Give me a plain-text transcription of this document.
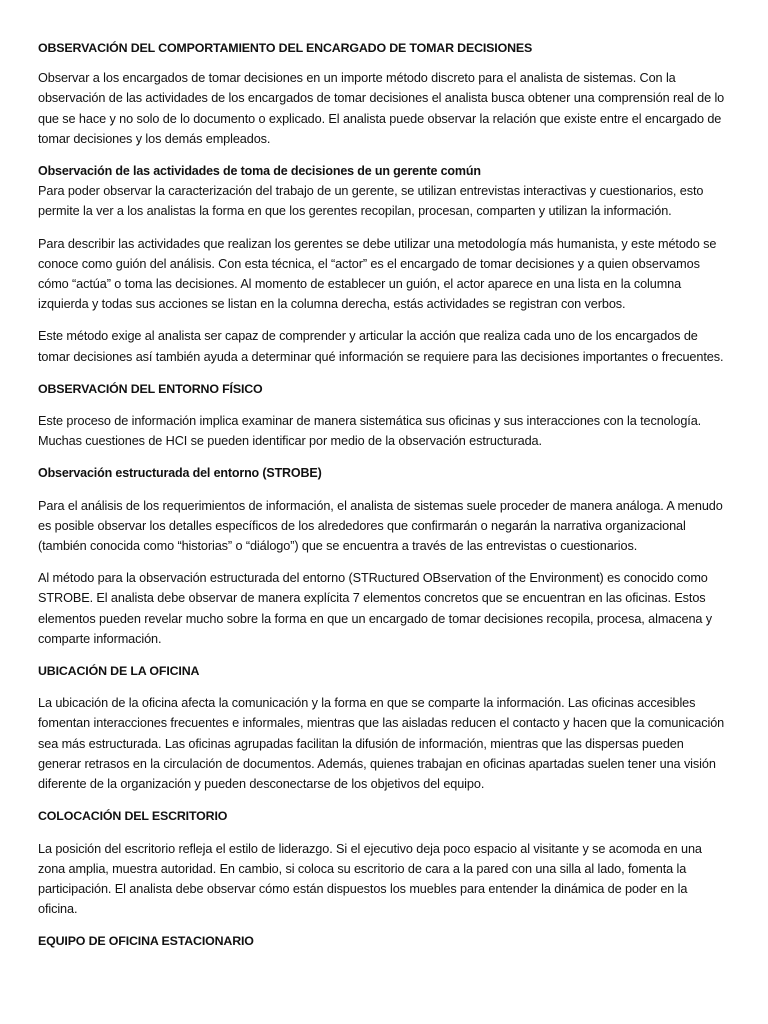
OBSERVACIÓN DEL COMPORTAMIENTO DEL ENCARGADO DE TOMAR DECISIONES

Observar a los encargados de tomar decisiones en un importe método discreto para el analista de sistemas. Con la observación de las actividades de los encargados de tomar decisiones el analista busca obtener una comprensión real de lo que se hace y no solo de lo documento o explicado. El analista puede observar la relación que existe entre el encargado de tomar decisiones y los demás empleados.

Observación de las actividades de toma de decisiones de un gerente común

Para poder observar la caracterización del trabajo de un gerente, se utilizan entrevistas interactivas y cuestionarios, esto permite la ver a los analistas la forma en que los gerentes recopilan, procesan, comparten y utilizan la información.

Para describir las actividades que realizan los gerentes se debe utilizar una metodología más humanista, y este método se conoce como guión del análisis. Con esta técnica, el “actor” es el encargado de tomar decisiones y a quien observamos cómo “actúa” o toma las decisiones. Al momento de establecer un guión, el actor aparece en una lista en la columna izquierda y todas sus acciones se listan en la columna derecha, estás actividades se registran con verbos.

Este método exige al analista ser capaz de comprender y articular la acción que realiza cada uno de los encargados de tomar decisiones así también ayuda a determinar qué información se requiere para las decisiones importantes o frecuentes.

OBSERVACIÓN DEL ENTORNO FÍSICO

Este proceso de información implica examinar de manera sistemática sus oficinas y sus interacciones con la tecnología. Muchas cuestiones de HCI se pueden identificar por medio de la observación estructurada.

Observación estructurada del entorno (STROBE)

Para el análisis de los requerimientos de información, el analista de sistemas suele proceder de manera análoga. A menudo es posible observar los detalles específicos de los alrededores que confirmarán o negarán la narrativa organizacional (también conocida como “historias” o “diálogo”) que se encuentra a través de las entrevistas o cuestionarios.

Al método para la observación estructurada del entorno (STRuctured OBservation of the Environment) es conocido como STROBE. El analista debe observar de manera explícita 7 elementos concretos que se encuentran en las oficinas. Estos elementos pueden revelar mucho sobre la forma en que un encargado de tomar decisiones recopila, procesa, almacena y comparte información.

UBICACIÓN DE LA OFICINA

La ubicación de la oficina afecta la comunicación y la forma en que se comparte la información. Las oficinas accesibles fomentan interacciones frecuentes e informales, mientras que las aisladas reducen el contacto y hacen que la comunicación sea más estructurada. Las oficinas agrupadas facilitan la difusión de información, mientras que las dispersas pueden generar retrasos en la circulación de documentos. Además, quienes trabajan en oficinas apartadas suelen tener una visión diferente de la organización y pueden desconectarse de los objetivos del equipo.

COLOCACIÓN DEL ESCRITORIO

La posición del escritorio refleja el estilo de liderazgo. Si el ejecutivo deja poco espacio al visitante y se acomoda en una zona amplia, muestra autoridad. En cambio, si coloca su escritorio de cara a la pared con una silla al lado, fomenta la participación. El analista debe observar cómo están dispuestos los muebles para entender la dinámica de poder en la oficina.

EQUIPO DE OFICINA ESTACIONARIO
